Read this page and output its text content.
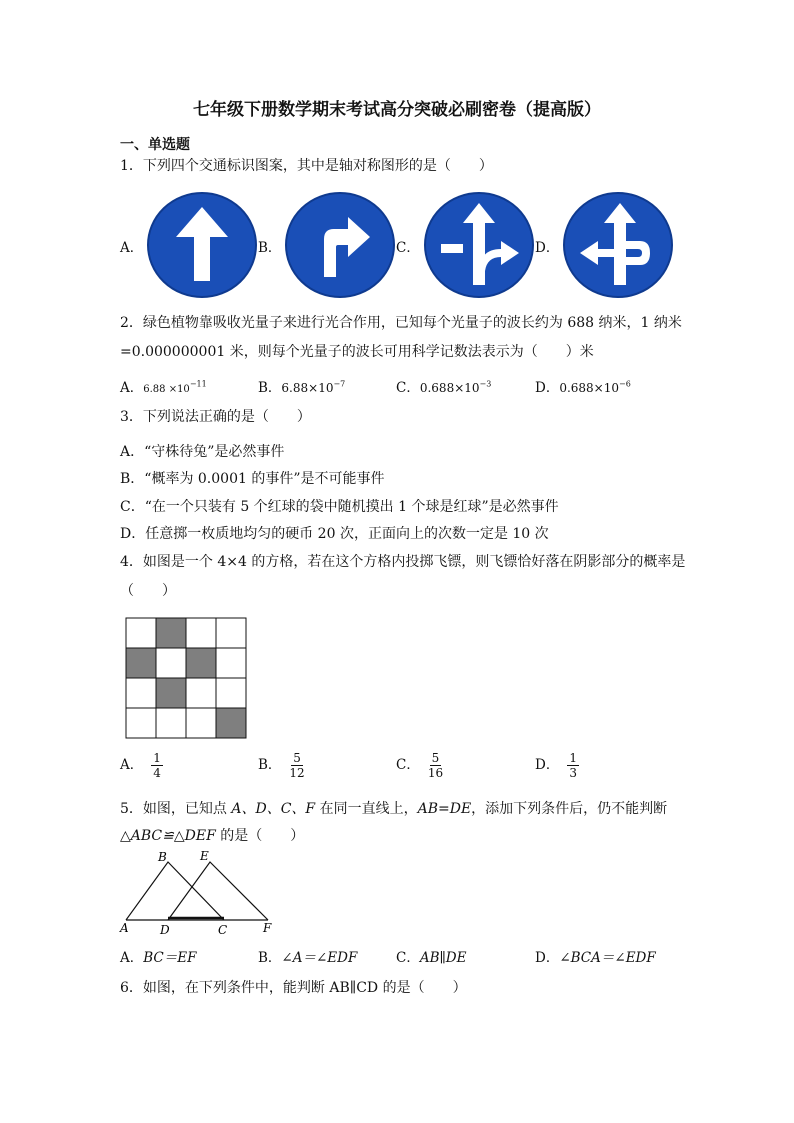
七年级下册数学期末考试高分突破必刷密卷（提高版）
一、单选题
1．下列四个交通标识图案，其中是轴对称图形的是（　　）
A．	B．	C．	D．
2．绿色植物靠吸收光量子来进行光合作用，已知每个光量子的波长约为 688 纳米，1 纳米
=0.000000001 米，则每个光量子的波长可用科学记数法表示为（　　）米
A．$6.88 \times 10^{-11}$	B．$6.88\times 10^{-7}$	C．$0.688\times 10^{-3}$	D．$0.688\times 10^{-6}$
3．下列说法正确的是（　　）
A．“守株待兔”是必然事件
B．“概率为 0.0001 的事件”是不可能事件
C．“在一个只装有 5 个红球的袋中随机摸出 1 个球是红球”是必然事件
D．任意掷一枚质地均匀的硬币 20 次，正面向上的次数一定是 10 次
4．如图是一个 4×4 的方格，若在这个方格内投掷飞镖，则飞镖恰好落在阴影部分的概率是
（　　）
A． $\frac{1}{4}$	B． $\frac{5}{12}$	C． $\frac{5}{16}$	D． $\frac{1}{3}$
5．如图，已知点 A、D、C、F 在同一直线上，AB=DE，添加下列条件后，仍不能判断
△ABC≌△DEF 的是（　　）
B	E
A	D	C	F
A．BC＝EF	B．∠A＝∠EDF	C．AB∥DE	D．∠BCA＝∠EDF
6．如图，在下列条件中，能判断 AB∥CD 的是（　　）
